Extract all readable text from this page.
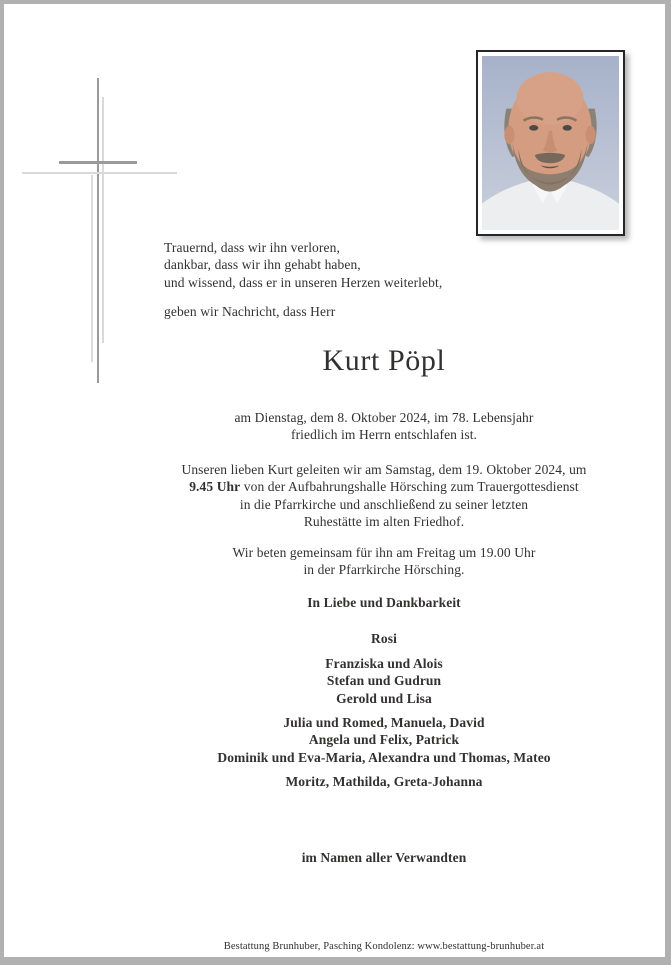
Trauernd, dass wir ihn verloren,

dankbar, dass wir ihn gehabt haben,

und wissend, dass er in unseren Herzen weiterlebt,

geben wir Nachricht, dass Herr

Kurt Pöpl

am Dienstag, dem 8. Oktober 2024, im 78. Lebensjahr

friedlich im Herrn entschlafen ist.

Unseren lieben Kurt geleiten wir am Samstag, dem 19. Oktober 2024, um

9.45 Uhr von der Aufbahrungshalle Hörsching zum Trauergottesdienst

in die Pfarrkirche und anschließend zu seiner letzten

Ruhestätte im alten Friedhof.

Wir beten gemeinsam für ihn am Freitag um 19.00 Uhr

in der Pfarrkirche Hörsching.

In Liebe und Dankbarkeit
Rosi

Franziska und Alois

Stefan und Gudrun

Gerold und Lisa

Julia und Romed, Manuela, David

Angela und Felix, Patrick

Dominik und Eva-Maria, Alexandra und Thomas, Mateo

Moritz, Mathilda, Greta-Johanna
im Namen aller Verwandten
Bestattung Brunhuber, Pasching Kondolenz: www.bestattung-brunhuber.at
